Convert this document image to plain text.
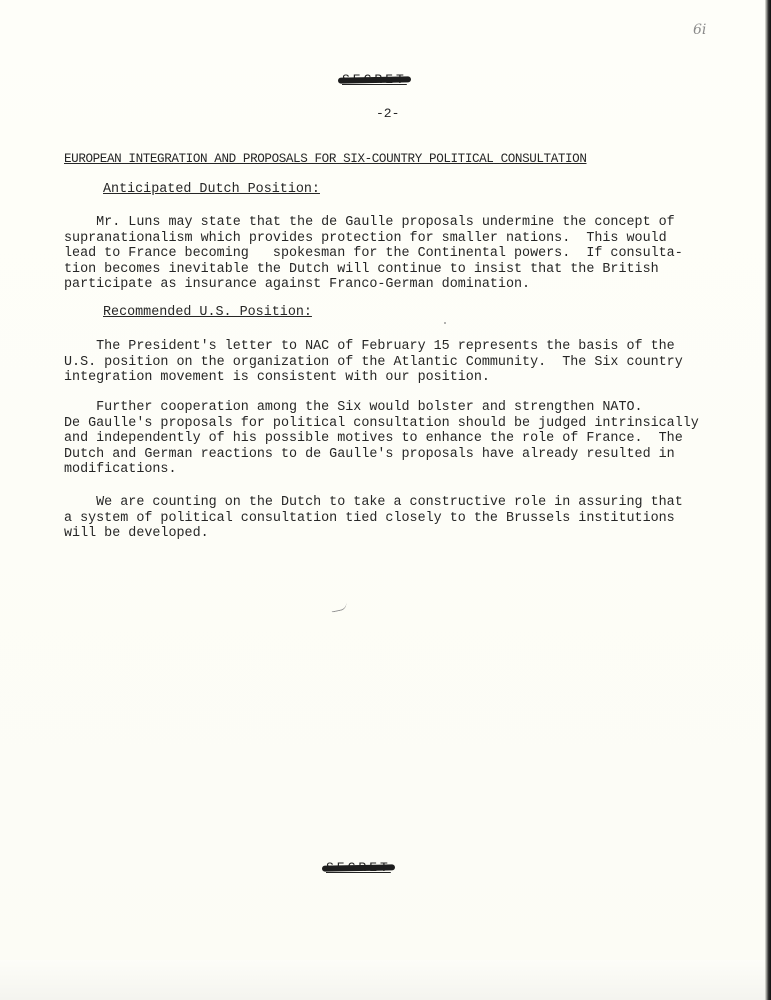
6i
-2-
EUROPEAN INTEGRATION AND PROPOSALS FOR SIX-COUNTRY POLITICAL CONSULTATION
Anticipated Dutch Position:

Mr. Luns may state that the de Gaulle proposals undermine the concept of
supranationalism which provides protection for smaller nations.  This would
lead to France becoming   spokesman for the Continental powers.  If consulta-
tion becomes inevitable the Dutch will continue to insist that the British
participate as insurance against Franco-German domination.

Recommended U.S. Position:

The President's letter to NAC of February 15 represents the basis of the
U.S. position on the organization of the Atlantic Community.  The Six country
integration movement is consistent with our position.

Further cooperation among the Six would bolster and strengthen NATO.
De Gaulle's proposals for political consultation should be judged intrinsically
and independently of his possible motives to enhance the role of France.  The
Dutch and German reactions to de Gaulle's proposals have already resulted in
modifications.

We are counting on the Dutch to take a constructive role in assuring that
a system of political consultation tied closely to the Brussels institutions
will be developed.
